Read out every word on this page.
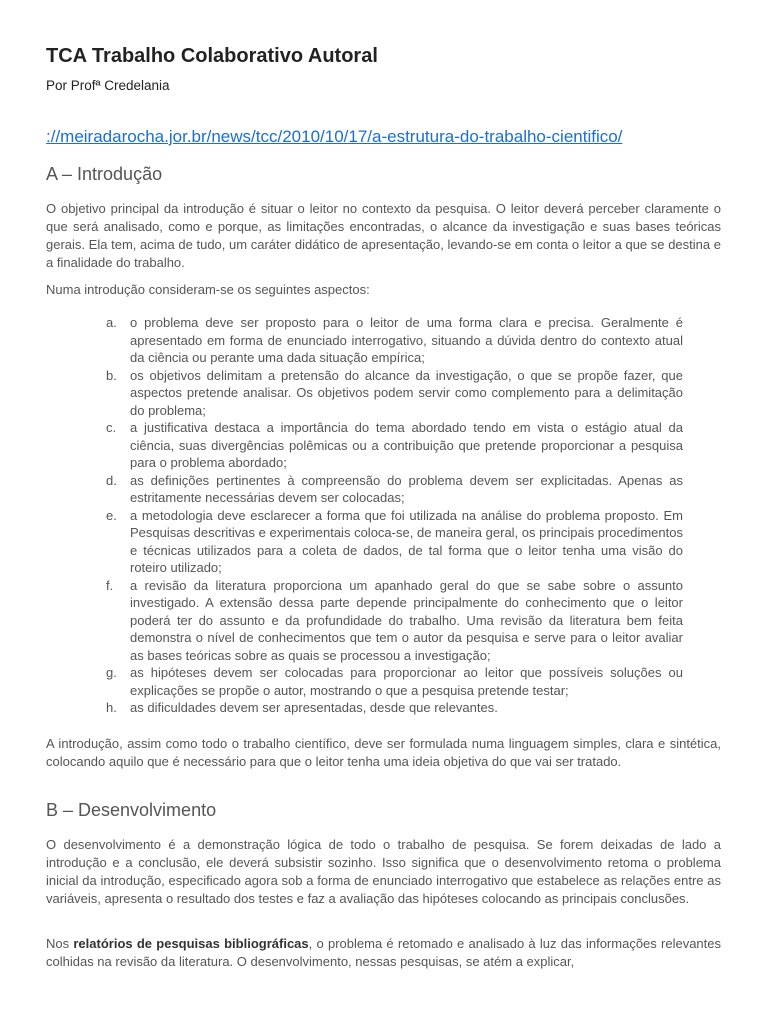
TCA Trabalho Colaborativo Autoral

Por Profª Credelania

://meiradarocha.jor.br/news/tcc/2010/10/17/a-estrutura-do-trabalho-cientifico/
A – Introdução

O objetivo principal da introdução é situar o leitor no contexto da pesquisa. O leitor deverá perceber claramente o que será analisado, como e porque, as limitações encontradas, o alcance da investigação e suas bases teóricas gerais. Ela tem, acima de tudo, um caráter didático de apresentação, levando-se em conta o leitor a que se destina e a finalidade do trabalho.

Numa introdução consideram-se os seguintes aspectos:

a.	o problema deve ser proposto para o leitor de uma forma clara e precisa. Geralmente é apresentado em forma de enunciado interrogativo, situando a dúvida dentro do contexto atual da ciência ou perante uma dada situação empírica;
b.	os objetivos delimitam a pretensão do alcance da investigação, o que se propõe fazer, que aspectos pretende analisar. Os objetivos podem servir como complemento para a delimitação do problema;
c.	a justificativa destaca a importância do tema abordado tendo em vista o estágio atual da ciência, suas divergências polêmicas ou a contribuição que pretende proporcionar a pesquisa para o problema abordado;
d.	as definições pertinentes à compreensão do problema devem ser explicitadas. Apenas as estritamente necessárias devem ser colocadas;
e.	a metodologia deve esclarecer a forma que foi utilizada na análise do problema proposto. Em Pesquisas descritivas e experimentais coloca-se, de maneira geral, os principais procedimentos e técnicas utilizados para a coleta de dados, de tal forma que o leitor tenha uma visão do roteiro utilizado;
f.	a revisão da literatura proporciona um apanhado geral do que se sabe sobre o assunto investigado. A extensão dessa parte depende principalmente do conhecimento que o leitor poderá ter do assunto e da profundidade do trabalho. Uma revisão da literatura bem feita demonstra o nível de conhecimentos que tem o autor da pesquisa e serve para o leitor avaliar as bases teóricas sobre as quais se processou a investigação;
g.	as hipóteses devem ser colocadas para proporcionar ao leitor que possíveis soluções ou explicações se propõe o autor, mostrando o que a pesquisa pretende testar;
h.	as dificuldades devem ser apresentadas, desde que relevantes.

A introdução, assim como todo o trabalho científico, deve ser formulada numa linguagem simples, clara e sintética, colocando aquilo que é necessário para que o leitor tenha uma ideia objetiva do que vai ser tratado.

B – Desenvolvimento

O desenvolvimento é a demonstração lógica de todo o trabalho de pesquisa. Se forem deixadas de lado a introdução e a conclusão, ele deverá subsistir sozinho. Isso significa que o desenvolvimento retoma o problema inicial da introdução, especificado agora sob a forma de enunciado interrogativo que estabelece as relações entre as variáveis, apresenta o resultado dos testes e faz a avaliação das hipóteses colocando as principais conclusões.

Nos relatórios de pesquisas bibliográficas, o problema é retomado e analisado à luz das informações relevantes colhidas na revisão da literatura. O desenvolvimento, nessas pesquisas, se atém a explicar,
